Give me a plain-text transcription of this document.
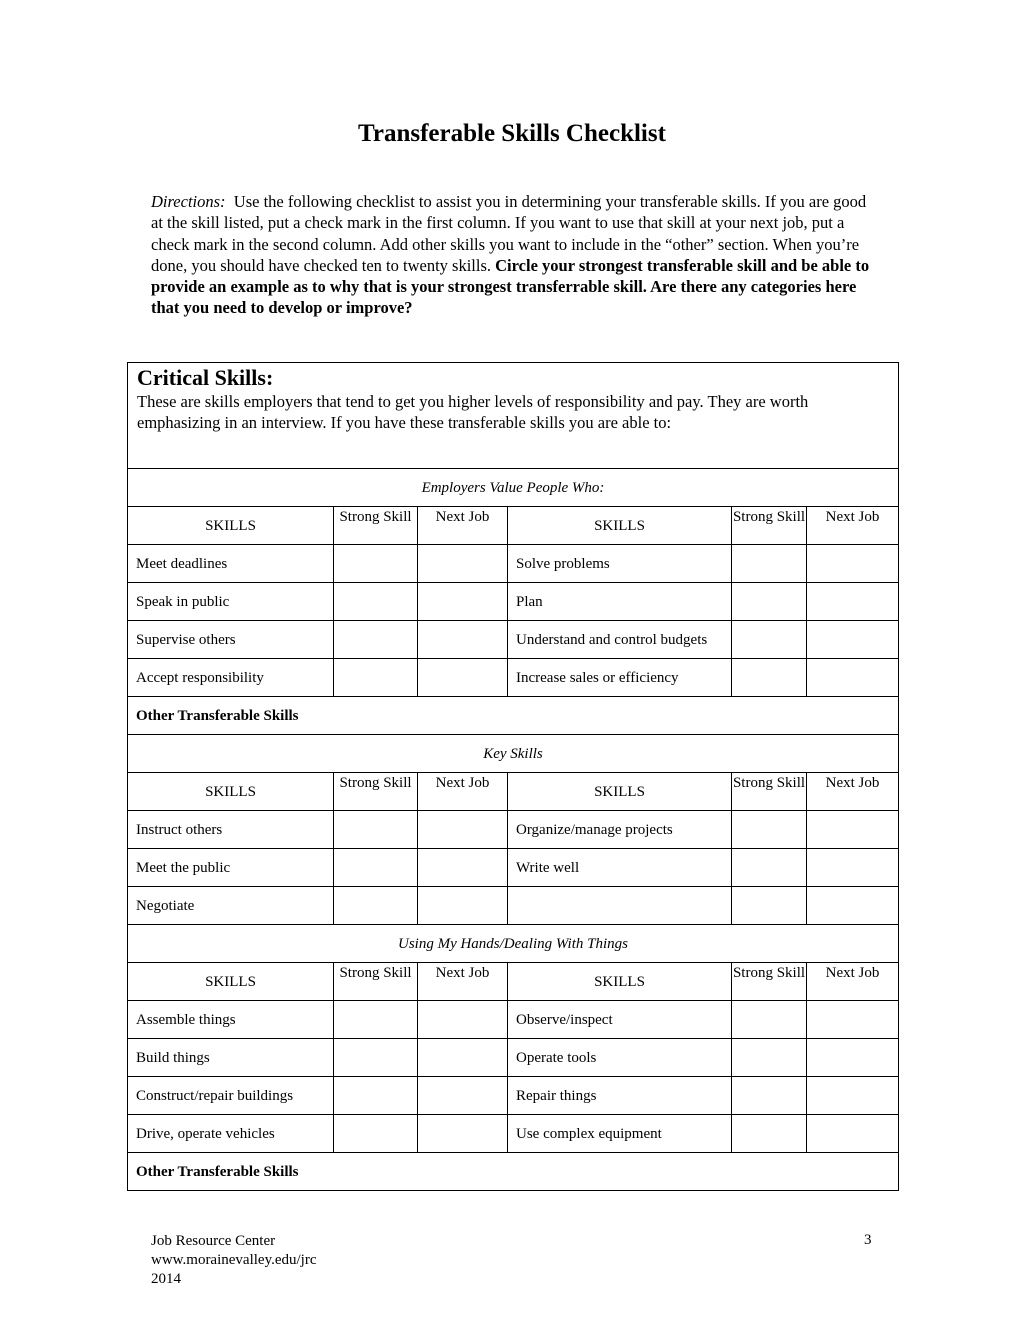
Transferable Skills Checklist
Directions: Use the following checklist to assist you in determining your transferable skills. If you are good at the skill listed, put a check mark in the first column. If you want to use that skill at your next job, put a check mark in the second column. Add other skills you want to include in the “other” section. When you’re done, you should have checked ten to twenty skills. Circle your strongest transferable skill and be able to provide an example as to why that is your strongest transferrable skill. Are there any categories here that you need to develop or improve?
Critical Skills:
These are skills employers that tend to get you higher levels of responsibility and pay. They are worth emphasizing in an interview. If you have these transferable skills you are able to:					

Employers Value People Who:					
SKILLS	Strong Skill	Next Job	SKILLS	Strong Skill	Next Job
Meet deadlines			Solve problems		
Speak in public			Plan		
Supervise others			Understand and control budgets		
Accept responsibility			Increase sales or efficiency		
Other Transferable Skills					
Key Skills					
SKILLS	Strong Skill	Next Job	SKILLS	Strong Skill	Next Job
Instruct others			Organize/manage projects		
Meet the public			Write well		
Negotiate					
Using My Hands/Dealing With Things					
SKILLS	Strong Skill	Next Job	SKILLS	Strong Skill	Next Job
Assemble things			Observe/inspect		
Build things			Operate tools		
Construct/repair buildings			Repair things		
Drive, operate vehicles			Use complex equipment		
Other Transferable Skills					
Job Resource Center
www.morainevalley.edu/jrc
2014
3
